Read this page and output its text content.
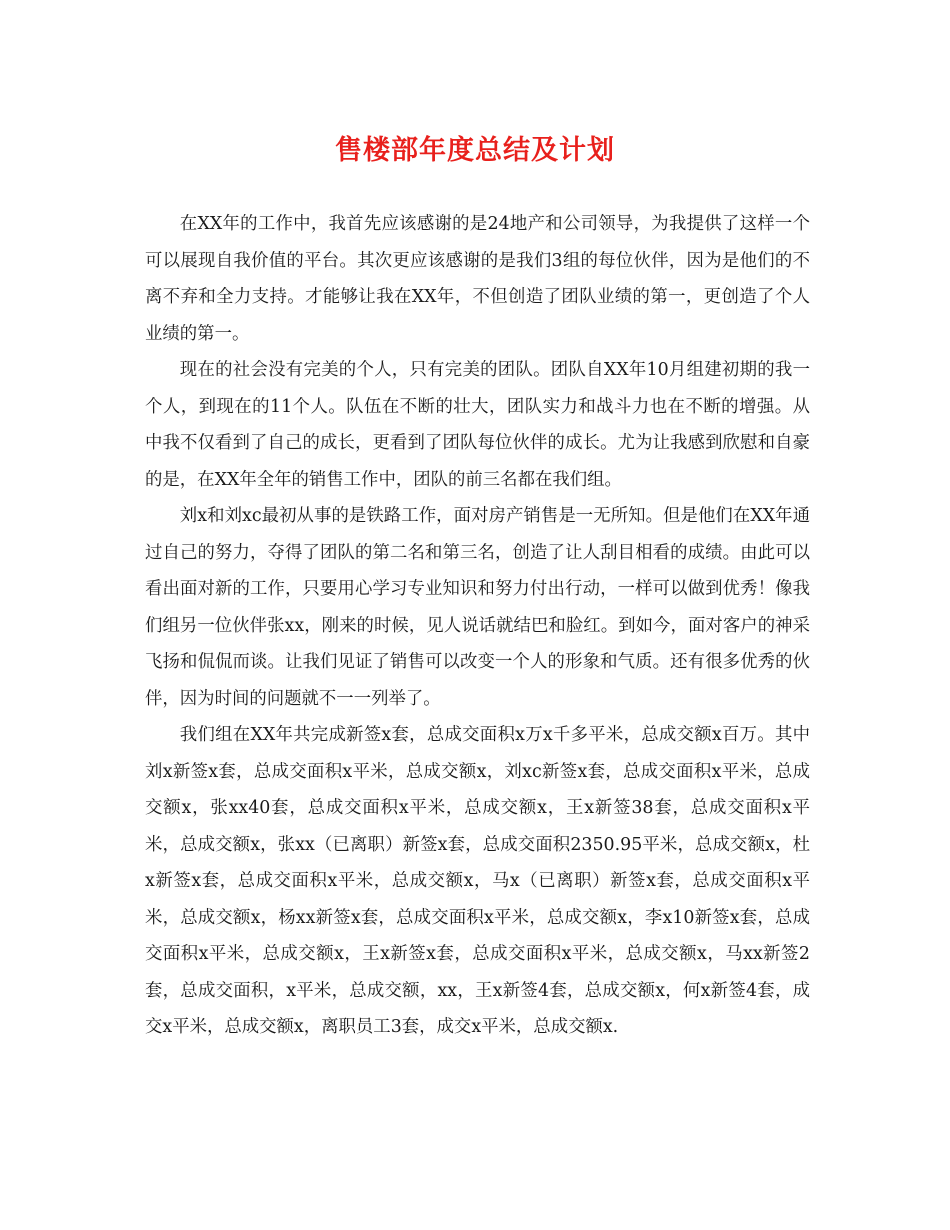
售楼部年度总结及计划

在XX年的工作中，我首先应该感谢的是24地产和公司领导，为我提供了这样一个可以展现自我价值的平台。其次更应该感谢的是我们3组的每位伙伴，因为是他们的不离不弃和全力支持。才能够让我在XX年，不但创造了团队业绩的第一，更创造了个人业绩的第一。

现在的社会没有完美的个人，只有完美的团队。团队自XX年10月组建初期的我一个人，到现在的11个人。队伍在不断的壮大，团队实力和战斗力也在不断的增强。从中我不仅看到了自己的成长，更看到了团队每位伙伴的成长。尤为让我感到欣慰和自豪的是，在XX年全年的销售工作中，团队的前三名都在我们组。

刘x和刘xc最初从事的是铁路工作，面对房产销售是一无所知。但是他们在XX年通过自己的努力，夺得了团队的第二名和第三名，创造了让人刮目相看的成绩。由此可以看出面对新的工作，只要用心学习专业知识和努力付出行动，一样可以做到优秀！像我们组另一位伙伴张xx，刚来的时候，见人说话就结巴和脸红。到如今，面对客户的神采飞扬和侃侃而谈。让我们见证了销售可以改变一个人的形象和气质。还有很多优秀的伙伴，因为时间的问题就不一一列举了。

我们组在XX年共完成新签x套，总成交面积x万x千多平米，总成交额x百万。其中刘x新签x套，总成交面积x平米，总成交额x，刘xc新签x套，总成交面积x平米，总成交额x，张xx40套，总成交面积x平米，总成交额x，王x新签38套，总成交面积x平米，总成交额x，张xx（已离职）新签x套，总成交面积2350.95平米，总成交额x，杜x新签x套，总成交面积x平米，总成交额x，马x（已离职）新签x套，总成交面积x平米，总成交额x，杨xx新签x套，总成交面积x平米，总成交额x，李x10新签x套，总成交面积x平米，总成交额x，王x新签x套，总成交面积x平米，总成交额x，马xx新签2套，总成交面积，x平米，总成交额，xx，王x新签4套，总成交额x，何x新签4套，成交x平米，总成交额x，离职员工3套，成交x平米，总成交额x.
